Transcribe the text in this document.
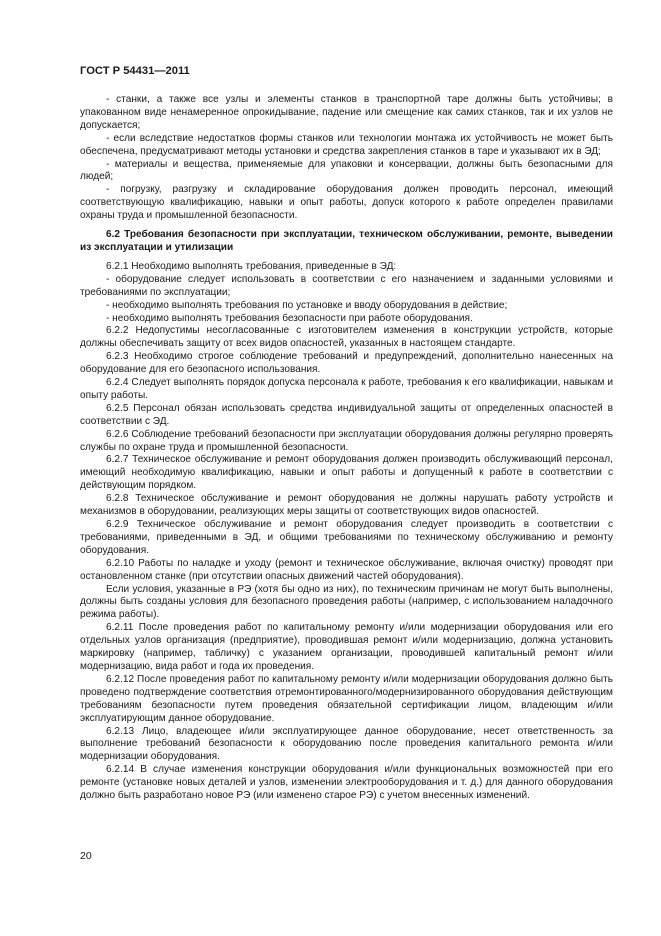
ГОСТ Р 54431—2011

- станки, а также все узлы и элементы станков в транспортной таре должны быть устойчивы; в упакованном виде ненамеренное опрокидывание, падение или смещение как самих станков, так и их узлов не допускается;

- если вследствие недостатков формы станков или технологии монтажа их устойчивость не может быть обеспечена, предусматривают методы установки и средства закрепления станков в таре и указывают их в ЭД;

- материалы и вещества, применяемые для упаковки и консервации, должны быть безопасными для людей;

- погрузку, разгрузку и складирование оборудования должен проводить персонал, имеющий соответствующую квалификацию, навыки и опыт работы, допуск которого к работе определен правилами охраны труда и промышленной безопасности.

6.2 Требования безопасности при эксплуатации, техническом обслуживании, ремонте, выведении из эксплуатации и утилизации

6.2.1 Необходимо выполнять требования, приведенные в ЭД:

- оборудование следует использовать в соответствии с его назначением и заданными условиями и требованиями по эксплуатации;

- необходимо выполнять требования по установке и вводу оборудования в действие;

- необходимо выполнять требования безопасности при работе оборудования.

6.2.2 Недопустимы несогласованные с изготовителем изменения в конструкции устройств, которые должны обеспечивать защиту от всех видов опасностей, указанных в настоящем стандарте.

6.2.3 Необходимо строгое соблюдение требований и предупреждений, дополнительно нанесенных на оборудование для его безопасного использования.

6.2.4 Следует выполнять порядок допуска персонала к работе, требования к его квалификации, навыкам и опыту работы.

6.2.5 Персонал обязан использовать средства индивидуальной защиты от определенных опасностей в соответствии с ЭД.

6.2.6 Соблюдение требований безопасности при эксплуатации оборудования должны регулярно проверять службы по охране труда и промышленной безопасности.

6.2.7 Техническое обслуживание и ремонт оборудования должен производить обслуживающий персонал, имеющий необходимую квалификацию, навыки и опыт работы и допущенный к работе в соответствии с действующим порядком.

6.2.8 Техническое обслуживание и ремонт оборудования не должны нарушать работу устройств и механизмов в оборудовании, реализующих меры защиты от соответствующих видов опасностей.

6.2.9 Техническое обслуживание и ремонт оборудования следует производить в соответствии с требованиями, приведенными в ЭД, и общими требованиями по техническому обслуживанию и ремонту оборудования.

6.2.10 Работы по наладке и уходу (ремонт и техническое обслуживание, включая очистку) проводят при остановленном станке (при отсутствии опасных движений частей оборудования).

Если условия, указанные в РЭ (хотя бы одно из них), по техническим причинам не могут быть выполнены, должны быть созданы условия для безопасного проведения работы (например, с использованием наладочного режима работы).

6.2.11 После проведения работ по капитальному ремонту и/или модернизации оборудования или его отдельных узлов организация (предприятие), проводившая ремонт и/или модернизацию, должна установить маркировку (например, табличку) с указанием организации, проводившей капитальный ремонт и/или модернизацию, вида работ и года их проведения.

6.2.12 После проведения работ по капитальному ремонту и/или модернизации оборудования должно быть проведено подтверждение соответствия отремонтированного/модернизированного оборудования действующим требованиям безопасности путем проведения обязательной сертификации лицом, владеющим и/или эксплуатирующим данное оборудование.

6.2.13 Лицо, владеющее и/или эксплуатирующее данное оборудование, несет ответственность за выполнение требований безопасности к оборудованию после проведения капитального ремонта и/или модернизации оборудования.

6.2.14 В случае изменения конструкции оборудования и/или функциональных возможностей при его ремонте (установке новых деталей и узлов, изменении электрооборудования и т. д.) для данного оборудования должно быть разработано новое РЭ (или изменено старое РЭ) с учетом внесенных изменений.

20
